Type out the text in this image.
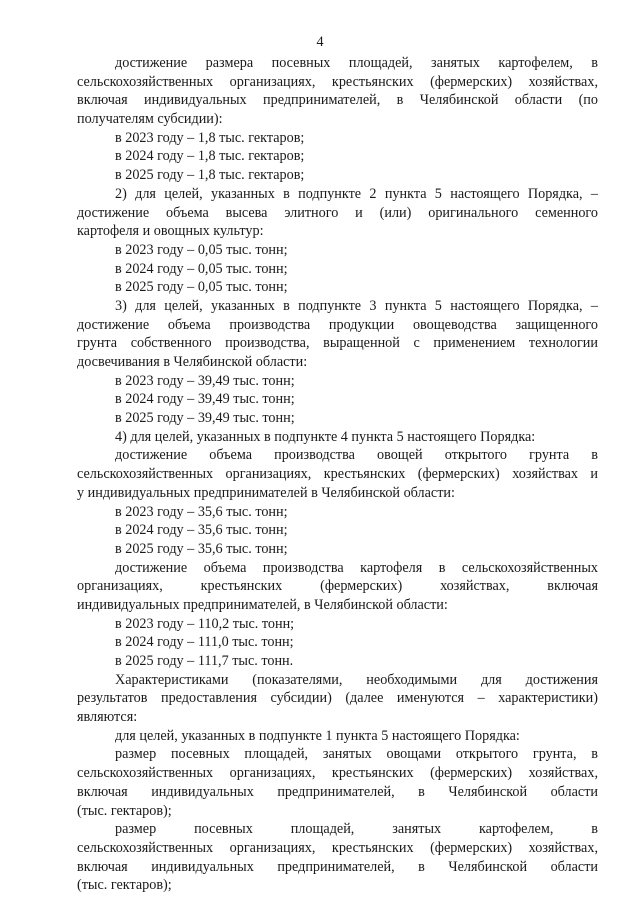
4
достижение размера посевных площадей, занятых картофелем, в
сельскохозяйственных организациях, крестьянских (фермерских) хозяйствах,
включая индивидуальных предпринимателей, в Челябинской области (по
получателям субсидии):
в 2023 году – 1,8 тыс. гектаров;
в 2024 году – 1,8 тыс. гектаров;
в 2025 году – 1,8 тыс. гектаров;
2) для целей, указанных в подпункте 2 пункта 5 настоящего Порядка, –
достижение объема высева элитного и (или) оригинального семенного
картофеля и овощных культур:
в 2023 году – 0,05 тыс. тонн;
в 2024 году – 0,05 тыс. тонн;
в 2025 году – 0,05 тыс. тонн;
3) для целей, указанных в подпункте 3 пункта 5 настоящего Порядка, –
достижение объема производства продукции овощеводства защищенного
грунта собственного производства, выращенной с применением технологии
досвечивания в Челябинской области:
в 2023 году – 39,49 тыс. тонн;
в 2024 году – 39,49 тыс. тонн;
в 2025 году – 39,49 тыс. тонн;
4) для целей, указанных в подпункте 4 пункта 5 настоящего Порядка:
достижение объема производства овощей открытого грунта в
сельскохозяйственных организациях, крестьянских (фермерских) хозяйствах и
у индивидуальных предпринимателей в Челябинской области:
в 2023 году – 35,6 тыс. тонн;
в 2024 году – 35,6 тыс. тонн;
в 2025 году – 35,6 тыс. тонн;
достижение объема производства картофеля в сельскохозяйственных
организациях, крестьянских (фермерских) хозяйствах, включая
индивидуальных предпринимателей, в Челябинской области:
в 2023 году – 110,2 тыс. тонн;
в 2024 году – 111,0 тыс. тонн;
в 2025 году – 111,7 тыс. тонн.
Характеристиками (показателями, необходимыми для достижения
результатов предоставления субсидии) (далее именуются – характеристики)
являются:
для целей, указанных в подпункте 1 пункта 5 настоящего Порядка:
размер посевных площадей, занятых овощами открытого грунта, в
сельскохозяйственных организациях, крестьянских (фермерских) хозяйствах,
включая индивидуальных предпринимателей, в Челябинской области
(тыс. гектаров);
размер посевных площадей, занятых картофелем, в
сельскохозяйственных организациях, крестьянских (фермерских) хозяйствах,
включая индивидуальных предпринимателей, в Челябинской области
(тыс. гектаров);
